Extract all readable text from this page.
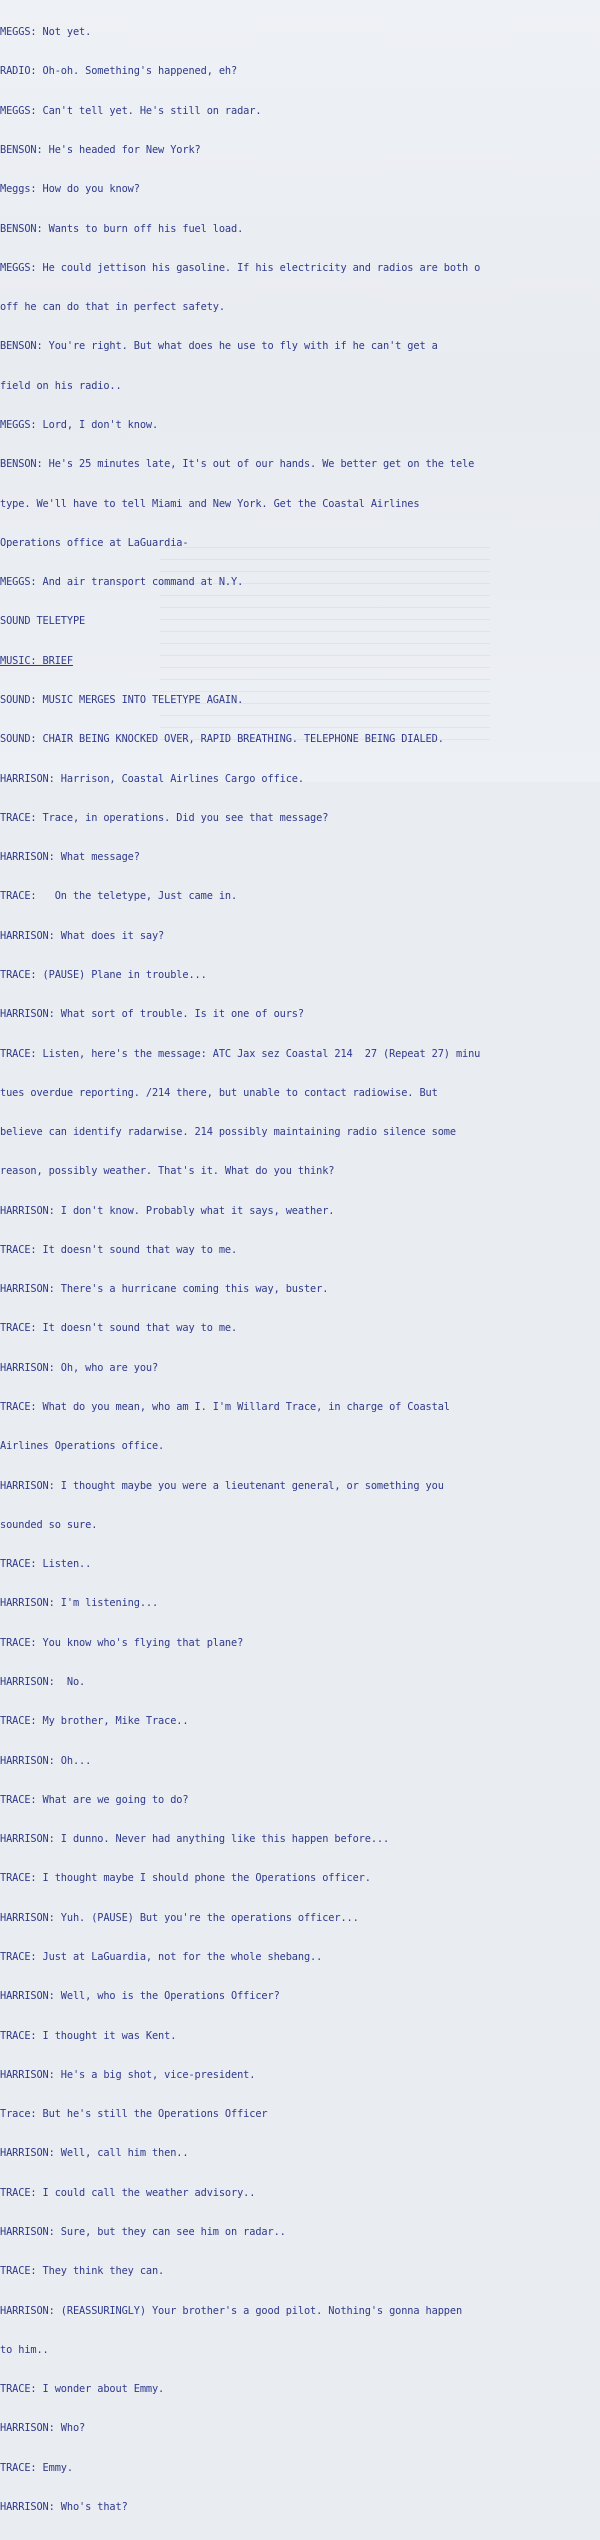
MEGGS: Not yet.

RADIO: Oh-oh. Something's happened, eh?

MEGGS: Can't tell yet. He's still on radar.

BENSON: He's headed for New York?

Meggs: How do you know?

BENSON: Wants to burn off his fuel load.

MEGGS: He could jettison his gasoline. If his electricity and radios are both o

off he can do that in perfect safety.

BENSON: You're right. But what does he use to fly with if he can't get a

field on his radio..

MEGGS: Lord, I don't know.

BENSON: He's 25 minutes late, It's out of our hands. We better get on the tele

type. We'll have to tell Miami and New York. Get the Coastal Airlines

Operations office at LaGuardia-

MEGGS: And air transport command at N.Y.

SOUND TELETYPE

MUSIC: BRIEF

SOUND: MUSIC MERGES INTO TELETYPE AGAIN.

SOUND: CHAIR BEING KNOCKED OVER, RAPID BREATHING. TELEPHONE BEING DIALED.

HARRISON: Harrison, Coastal Airlines Cargo office.

TRACE: Trace, in operations. Did you see that message?

HARRISON: What message?

TRACE:   On the teletype, Just came in.

HARRISON: What does it say?

TRACE: (PAUSE) Plane in trouble...

HARRISON: What sort of trouble. Is it one of ours?

TRACE: Listen, here's the message: ATC Jax sez Coastal 214  27 (Repeat 27) minu

tues overdue reporting. /214 there, but unable to contact radiowise. But

believe can identify radarwise. 214 possibly maintaining radio silence some

reason, possibly weather. That's it. What do you think?

HARRISON: I don't know. Probably what it says, weather.

TRACE: It doesn't sound that way to me.

HARRISON: There's a hurricane coming this way, buster.

TRACE: It doesn't sound that way to me.

HARRISON: Oh, who are you?

TRACE: What do you mean, who am I. I'm Willard Trace, in charge of Coastal

Airlines Operations office.

HARRISON: I thought maybe you were a lieutenant general, or something you

sounded so sure.

TRACE: Listen..

HARRISON: I'm listening...

TRACE: You know who's flying that plane?

HARRISON:  No.

TRACE: My brother, Mike Trace..

HARRISON: Oh...

TRACE: What are we going to do?

HARRISON: I dunno. Never had anything like this happen before...

TRACE: I thought maybe I should phone the Operations officer.

HARRISON: Yuh. (PAUSE) But you're the operations officer...

TRACE: Just at LaGuardia, not for the whole shebang..

HARRISON: Well, who is the Operations Officer?

TRACE: I thought it was Kent.

HARRISON: He's a big shot, vice-president.

Trace: But he's still the Operations Officer

HARRISON: Well, call him then..

TRACE: I could call the weather advisory..

HARRISON: Sure, but they can see him on radar..

TRACE: They think they can.

HARRISON: (REASSURINGLY) Your brother's a good pilot. Nothing's gonna happen

to him..

TRACE: I wonder about Emmy.

HARRISON: Who?

TRACE: Emmy.

HARRISON: Who's that?
